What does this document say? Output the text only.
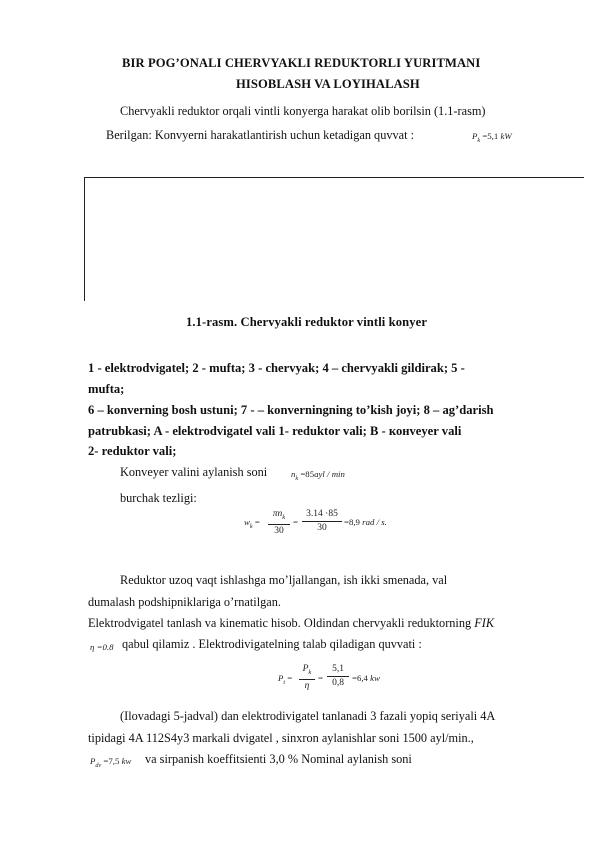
BIR POG’ONALI CHERVYAKLI REDUKTORLI YURITMANI
HISOBLASH VA LOYIHALASH
Chervyakli reduktor orqali vintli konyerga harakat olib borilsin (1.1-rasm)
Berilgan: Konvyerni harakatlantirish uchun ketadigan quvvat :	$P_k =5,1$ kW
1.1-rasm. Chervyakli reduktor vintli konyer
1 - elektrodvigatel; 2 - mufta; 3 - chervyak; 4 – chervyakli gildirak; 5 -
mufta;
6 – konverning bosh ustuni; 7 - – konverningning to’kish joyi; 8 – ag’darish
patrubkasi; A - elektrodvigatel vali 1- reduktor vali; B - конveyer vali
2- reduktor vali;
Konveyer valini aylanish soni	$n_k =85ayl / \min$
burchak tezligi:
$w_k$ =
$\pi n_k$
30
=
3.14 ·85
30
=8,9 rad / s.
Reduktor uzoq vaqt ishlashga mo’ljallangan, ish ikki smenada, val
dumalash podshipniklariga o’rnatilgan.
Elektrodvigatel tanlash va kinematic hisob. Oldindan chervyakli reduktorning FIK
η =0.8 qabul qilamiz . Elektrodivigatelning talab qiladigan quvvati :
$P_t$ =
$P_k$
η
=
5,1
0,8 =6,4 kw
(Ilovadagi 5-jadval) dan elektrodivigatel tanlanadi 3 fazali yopiq seriyali 4A
tipidagi 4A 112S4y3 markali dvigatel , sinxron aylanishlar soni 1500 ayl/min.,
$P_{dv} =7,5$ kw va sirpanish koeffitsienti 3,0 % Nominal aylanish soni
